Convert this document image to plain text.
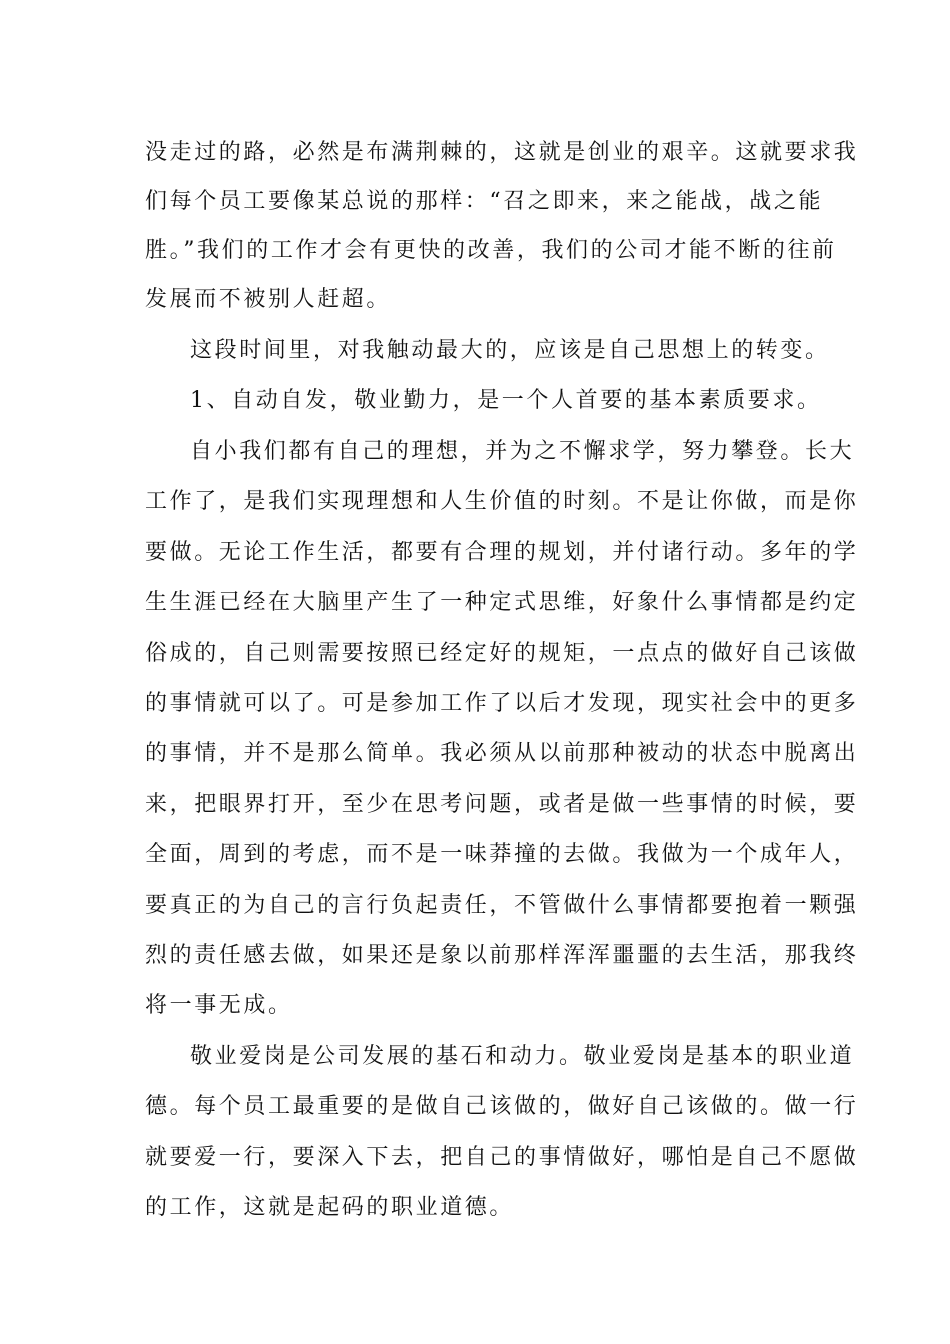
没走过的路，必然是布满荆棘的，这就是创业的艰辛。这就要求我
们每个员工要像某总说的那样：“召之即来，来之能战，战之能
胜。”我们的工作才会有更快的改善，我们的公司才能不断的往前
发展而不被别人赶超。
这段时间里，对我触动最大的，应该是自己思想上的转变。
1、自动自发，敬业勤力，是一个人首要的基本素质要求。
自小我们都有自己的理想，并为之不懈求学，努力攀登。长大
工作了，是我们实现理想和人生价值的时刻。不是让你做，而是你
要做。无论工作生活，都要有合理的规划，并付诸行动。多年的学
生生涯已经在大脑里产生了一种定式思维，好象什么事情都是约定
俗成的，自己则需要按照已经定好的规矩，一点点的做好自己该做
的事情就可以了。可是参加工作了以后才发现，现实社会中的更多
的事情，并不是那么简单。我必须从以前那种被动的状态中脱离出
来，把眼界打开，至少在思考问题，或者是做一些事情的时候，要
全面，周到的考虑，而不是一味莽撞的去做。我做为一个成年人，
要真正的为自己的言行负起责任，不管做什么事情都要抱着一颗强
烈的责任感去做，如果还是象以前那样浑浑噩噩的去生活，那我终
将一事无成。
敬业爱岗是公司发展的基石和动力。敬业爱岗是基本的职业道
德。每个员工最重要的是做自己该做的，做好自己该做的。做一行
就要爱一行，要深入下去，把自己的事情做好，哪怕是自己不愿做
的工作，这就是起码的职业道德。
